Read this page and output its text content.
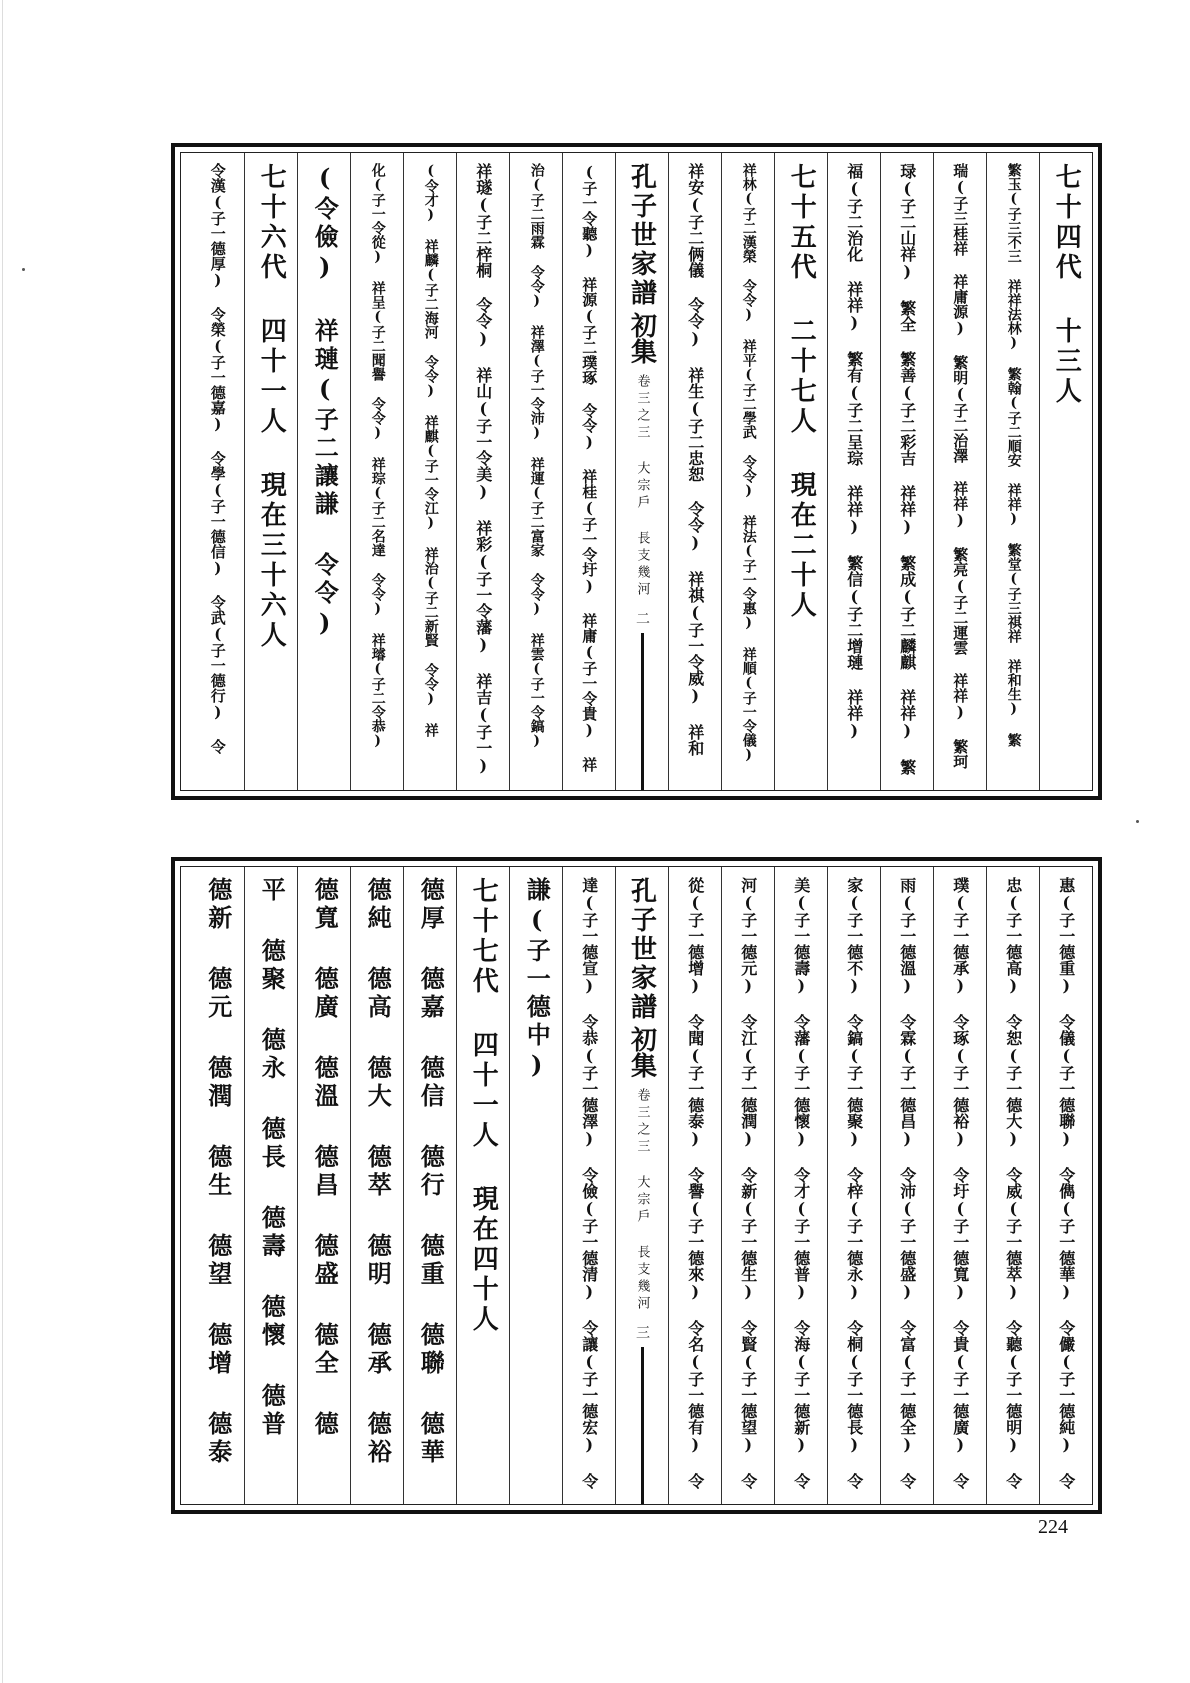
七十四代 十三人
繁玉(子三不三 祥祥法林) 繁翰(子二順安 祥祥) 繁堂(子三祺祥 祥和生) 繁
瑞(子三桂祥 祥庸源) 繁明(子二治澤 祥祥) 繁亮(子二運雲 祥祥) 繁珂
琭(子二山祥) 繁全 繁善(子二彩吉 祥祥) 繁成(子二麟麒 祥祥) 繁
福(子二治化 祥祥) 繁有(子二呈琮 祥祥) 繁信(子二增璉 祥祥)
七十五代 二十七人 現在二十人
祥林(子二漢榮 令令) 祥平(子二學武 令令) 祥法(子一令惠) 祥順(子一令儀)
祥安(子二俩儀 令令) 祥生(子二忠恕 令令) 祥祺(子一令威) 祥和
孔子世家譜
初集
卷三之三 大宗戶 長支幾河
二
(子一令聽) 祥源(子二璞琢 令令) 祥桂(子一令圩) 祥庸(子一令貴) 祥
治(子二雨霖 令令) 祥澤(子一令沛) 祥運(子二富家 令令) 祥雲(子一令鎬)
祥璲(子二梓桐 令令) 祥山(子一令美) 祥彩(子一令藩) 祥吉(子一)
(令才) 祥麟(子二海河 令令) 祥麒(子一令江) 祥治(子二新賢 令令) 祥
化(子一令從) 祥呈(子二聞譽 令令) 祥琮(子二名達 令令) 祥璿(子二令恭)
(令儉) 祥璉(子二讓謙 令令)
七十六代 四十一人 現在三十六人
令漢(子一德厚) 令榮(子一德嘉) 令學(子一德信) 令武(子一德行) 令
惠(子一德重) 令儀(子一德聯) 令儁(子一德華) 令儼(子一德純) 令
忠(子一德高) 令恕(子一德大) 令威(子一德萃) 令聽(子一德明) 令
璞(子一德承) 令琢(子一德裕) 令圩(子一德寬) 令貴(子一德廣) 令
雨(子一德溫) 令霖(子一德昌) 令沛(子一德盛) 令富(子一德全) 令
家(子一德不) 令鎬(子一德聚) 令梓(子一德永) 令桐(子一德長) 令
美(子一德壽) 令藩(子一德懷) 令才(子一德普) 令海(子一德新) 令
河(子一德元) 令江(子一德潤) 令新(子一德生) 令賢(子一德望) 令
從(子一德增) 令聞(子一德泰) 令譽(子一德來) 令名(子一德有) 令
孔子世家譜
初集
卷三之三 大宗戶 長支幾河
三
達(子一德宣) 令恭(子一德澤) 令儉(子一德清) 令讓(子一德宏) 令
謙(子一德中)
七十七代 四十一人 現在四十人
德厚 德嘉 德信 德行 德重 德聯 德華
德純 德高 德大 德萃 德明 德承 德裕
德寬 德廣 德溫 德昌 德盛 德全 德
平 德聚 德永 德長 德壽 德懷 德普
德新 德元 德潤 德生 德望 德增 德泰
224
